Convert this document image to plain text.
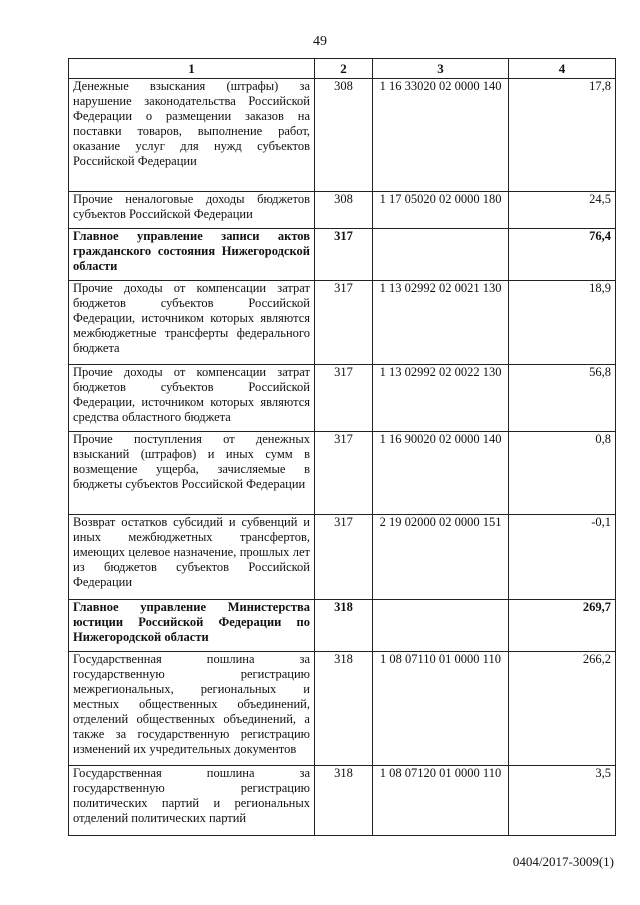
49
1	2	3	4
Денежные взыскания (штрафы) за нарушение законодательства Российской Федерации о размещении заказов на поставки товаров, выполнение работ, оказание услуг для нужд субъектов Российской Федерации	308	1 16 33020 02 0000 140	17,8
Прочие неналоговые доходы бюджетов субъектов Российской Федерации	308	1 17 05020 02 0000 180	24,5
Главное управление записи актов гражданского состояния Нижегородской области	317		76,4
Прочие доходы от компенсации затрат бюджетов субъектов Российской Федерации, источником которых являются межбюджетные трансферты федерального бюджета	317	1 13 02992 02 0021 130	18,9
Прочие доходы от компенсации затрат бюджетов субъектов Российской Федерации, источником которых являются средства областного бюджета	317	1 13 02992 02 0022 130	56,8
Прочие поступления от денежных взысканий (штрафов) и иных сумм в возмещение ущерба, зачисляемые в бюджеты субъектов Российской Федерации	317	1 16 90020 02 0000 140	0,8
Возврат остатков субсидий и субвенций и иных межбюджетных трансфертов, имеющих целевое назначение, прошлых лет из бюджетов субъектов Российской Федерации	317	2 19 02000 02 0000 151	-0,1
Главное управление Министерства юстиции Российской Федерации по Нижегородской области	318		269,7
Государственная пошлина за государственную регистрацию межрегиональных, региональных и местных общественных объединений, отделений общественных объединений, а также за государственную регистрацию изменений их учредительных документов	318	1 08 07110 01 0000 110	266,2
Государственная пошлина за государственную регистрацию политических партий и региональных отделений политических партий	318	1 08 07120 01 0000 110	3,5
0404/2017-3009(1)
